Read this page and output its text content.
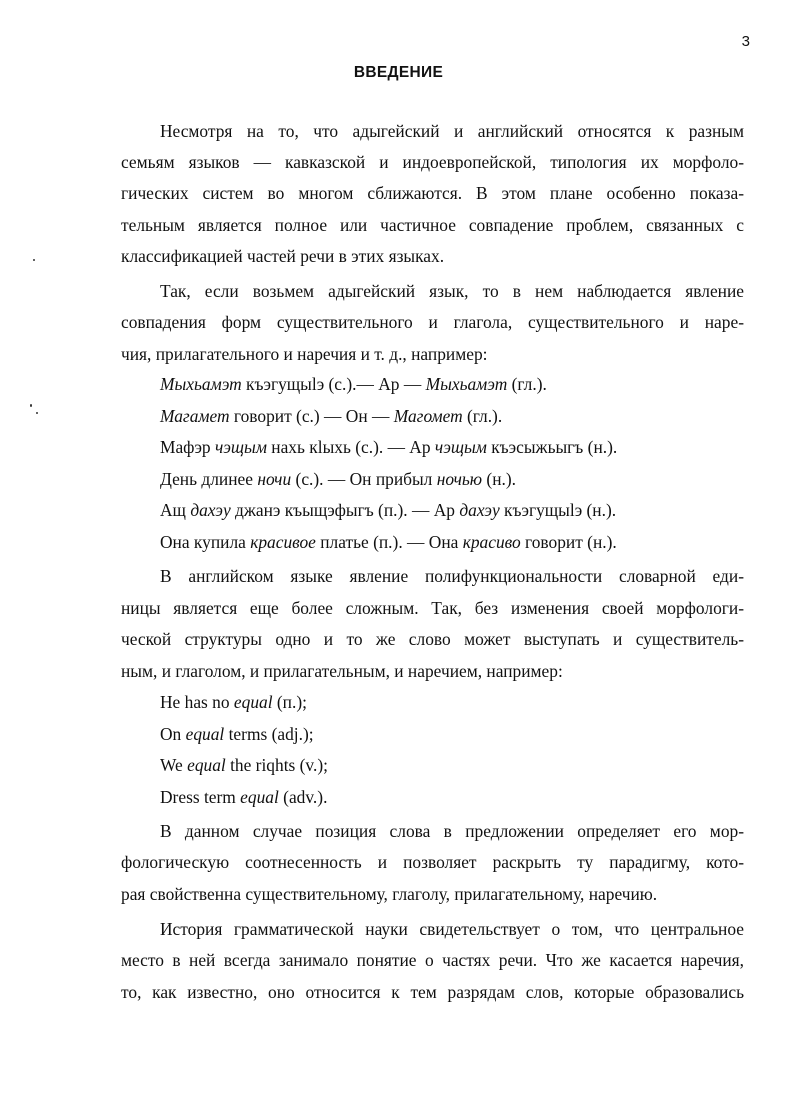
3
ВВЕДЕНИЕ
Несмотря на то, что адыгейский и английский относятся к разным
семьям языков — кавказской и индоевропейской, типология их морфоло-
гических систем во многом сближаются. В этом плане особенно показа-
тельным является полное или частичное совпадение проблем, связанных с
классификацией частей речи в этих языках.
Так, если возьмем адыгейский язык, то в нем наблюдается явление
совпадения форм существительного и глагола, существительного и наре-
чия, прилагательного и наречия и т. д., например:
Мыхьамэт къэгущыlэ (с.).— Ар — Мыхьамэт (гл.).
Магамет говорит (с.) — Он — Магомет (гл.).
Мафэр чэщым нахь кlыхь (с.). — Ар чэщым къэсыжьыгъ (н.).
День длинее ночи (с.). — Он прибыл ночью (н.).
Ащ дахэу джанэ къыщэфыгъ (п.). — Ар дахэу къэгущыlэ (н.).
Она купила красивое платье (п.). — Она красиво говорит (н.).
В английском языке явление полифункциональности словарной еди-
ницы является еще более сложным. Так, без изменения своей морфологи-
ческой структуры одно и то же слово может выступать и существитель-
ным, и глаголом, и прилагательным, и наречием, например:
He has no equal (п.);
On equal terms (adj.);
We equal the riqhts (v.);
Dress term equal (adv.).
В данном случае позиция слова в предложении определяет его мор-
фологическую соотнесенность и позволяет раскрыть ту парадигму, кото-
рая свойственна существительному, глаголу, прилагательному, наречию.
История грамматической науки свидетельствует о том, что центральное
место в ней всегда занимало понятие о частях речи. Что же касается наречия,
то, как известно, оно относится к тем разрядам слов, которые образовались
